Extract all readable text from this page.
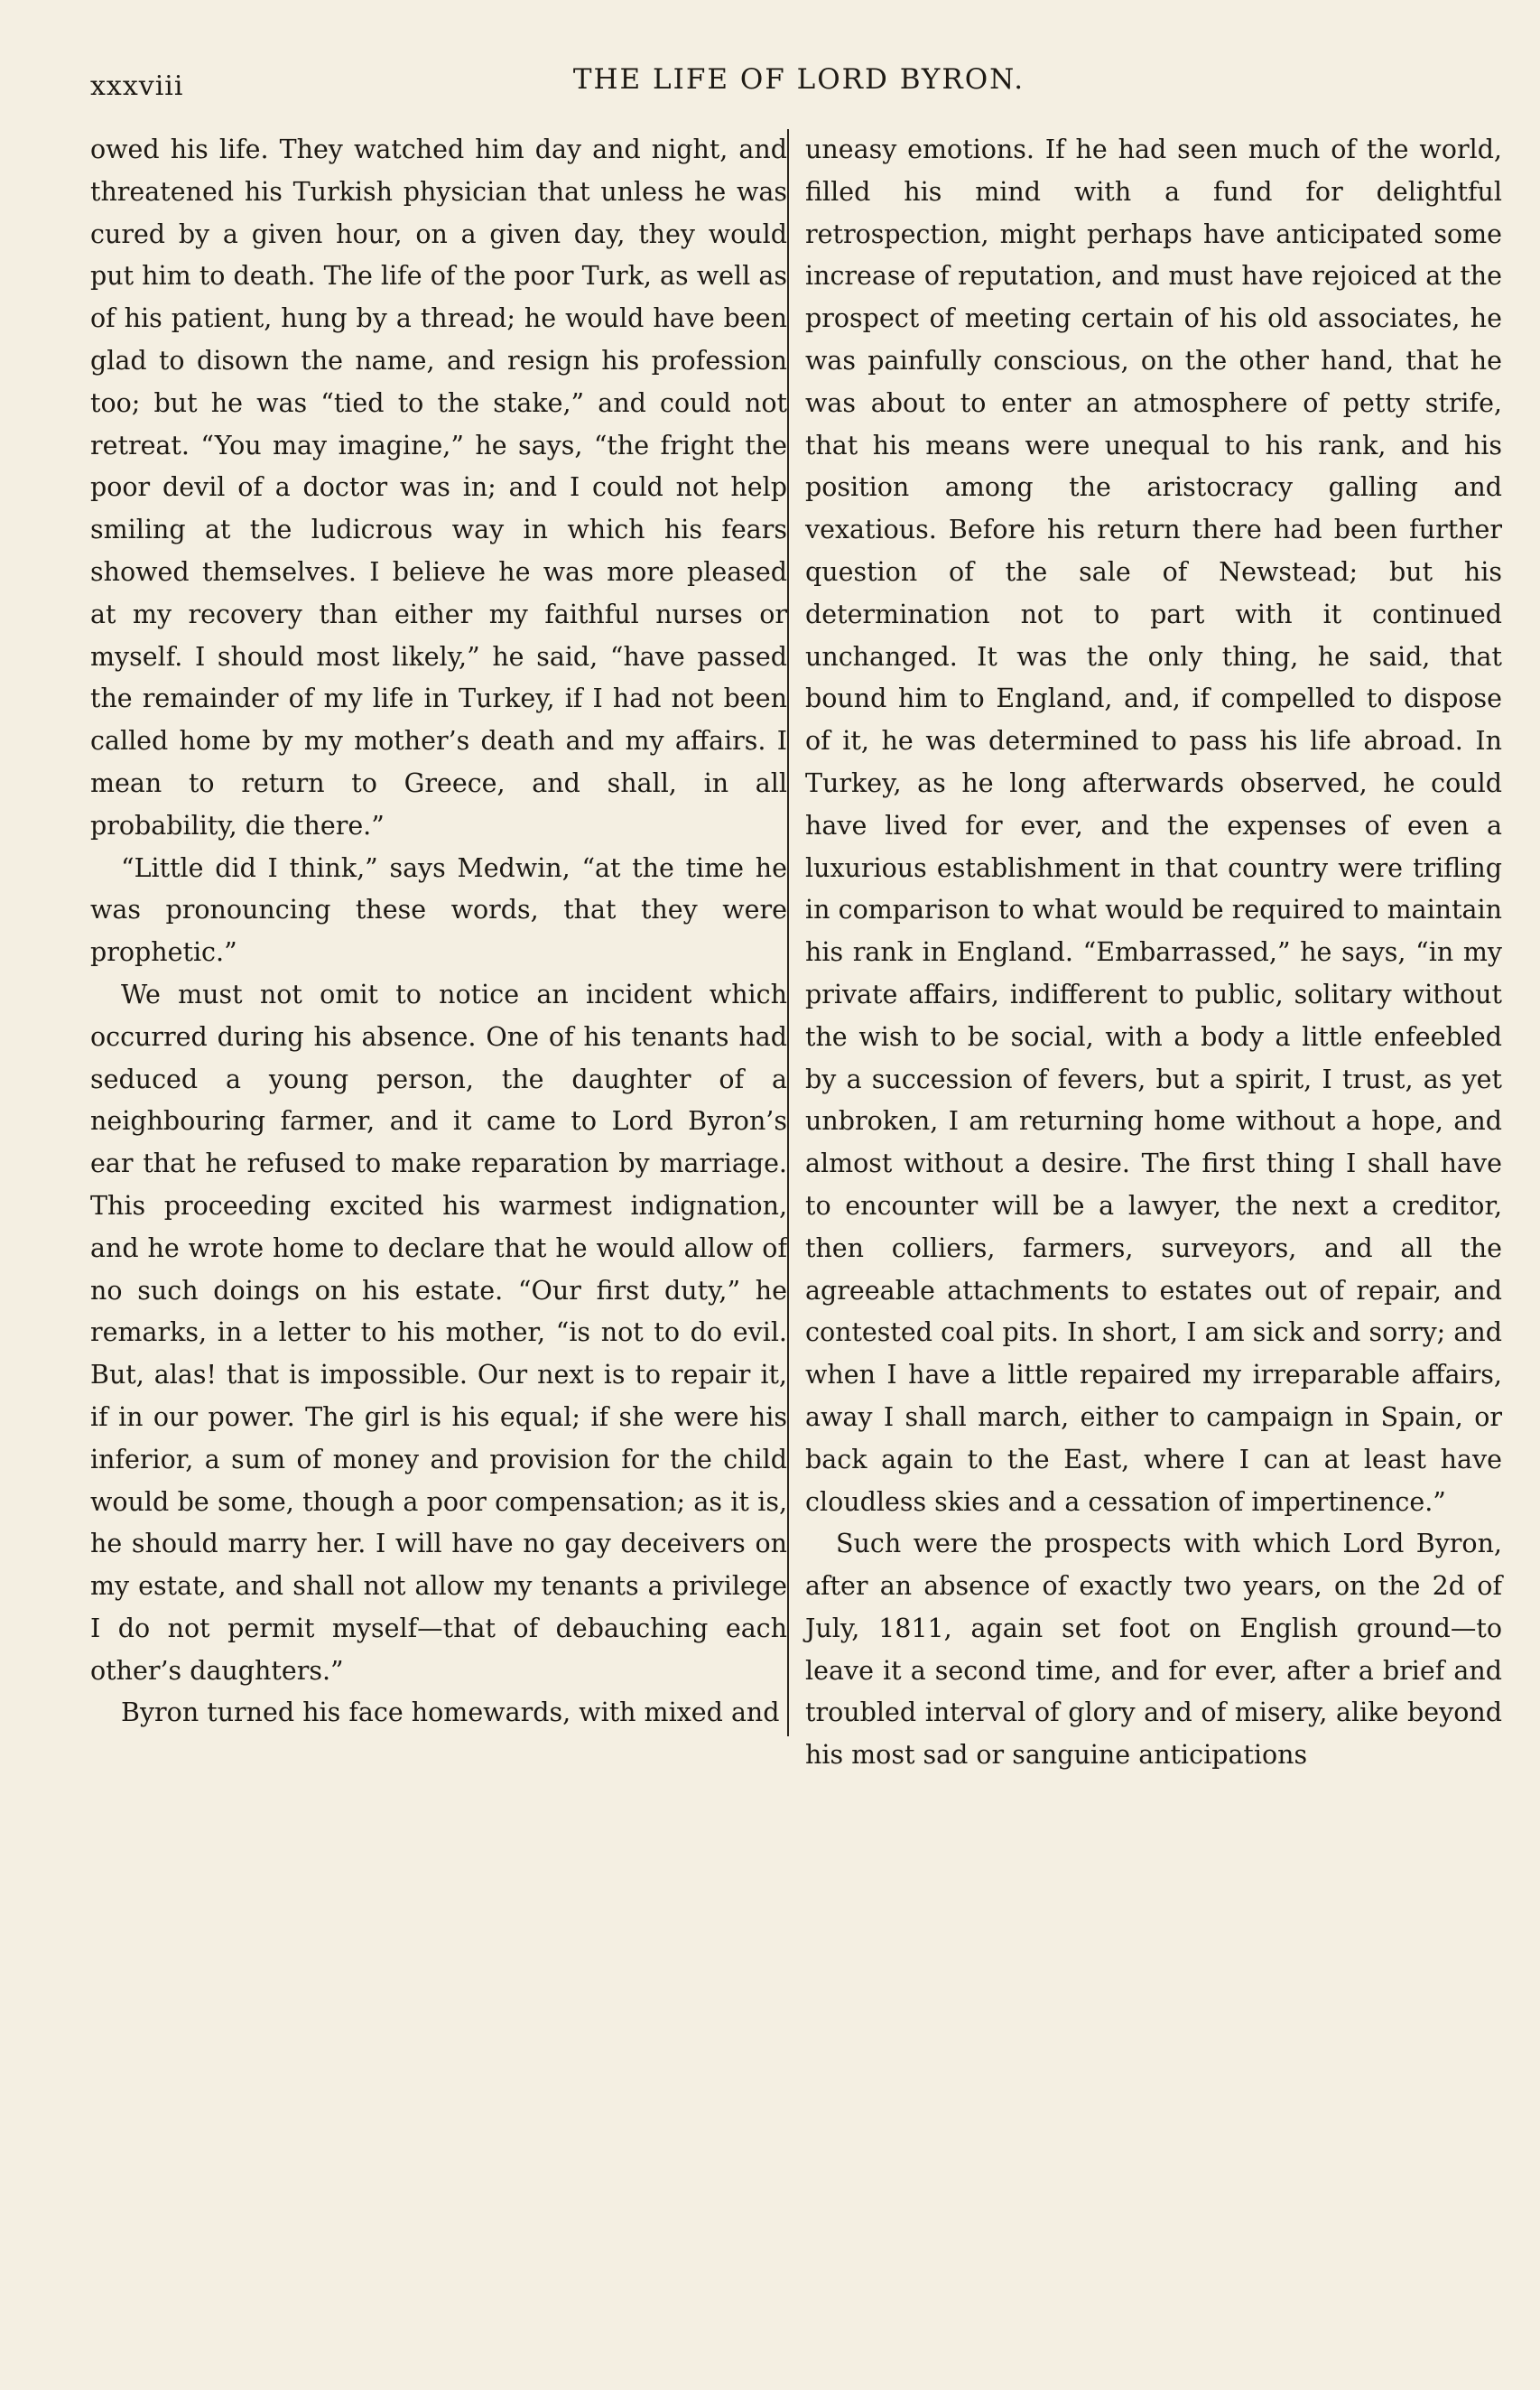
xxxviii	THE LIFE OF LORD BYRON.

owed his life. They watched him day and night, and threatened his Turkish physician that unless he was cured by a given hour, on a given day, they would put him to death. The life of the poor Turk, as well as of his patient, hung by a thread; he would have been glad to disown the name, and resign his profession too; but he was “tied to the stake,” and could not retreat. “You may imagine,” he says, “the fright the poor devil of a doctor was in; and I could not help smiling at the ludicrous way in which his fears showed themselves. I believe he was more pleased at my recovery than either my faithful nurses or myself. I should most likely,” he said, “have passed the remainder of my life in Turkey, if I had not been called home by my mother’s death and my affairs. I mean to return to Greece, and shall, in all probability, die there.”

“Little did I think,” says Medwin, “at the time he was pronouncing these words, that they were prophetic.”

We must not omit to notice an incident which occurred during his absence. One of his tenants had seduced a young person, the daughter of a neighbouring farmer, and it came to Lord Byron’s ear that he refused to make reparation by marriage. This proceeding excited his warmest indignation, and he wrote home to declare that he would allow of no such doings on his estate. “Our first duty,” he remarks, in a letter to his mother, “is not to do evil. But, alas! that is impossible. Our next is to repair it, if in our power. The girl is his equal; if she were his inferior, a sum of money and provision for the child would be some, though a poor compensation; as it is, he should marry her. I will have no gay deceivers on my estate, and shall not allow my tenants a privilege I do not permit myself—that of debauching each other’s daughters.”

Byron turned his face homewards, with mixed and

uneasy emotions. If he had seen much of the world, filled his mind with a fund for delightful retrospection, might perhaps have anticipated some increase of reputation, and must have rejoiced at the prospect of meeting certain of his old associates, he was painfully conscious, on the other hand, that he was about to enter an atmosphere of petty strife, that his means were unequal to his rank, and his position among the aristocracy galling and vexatious. Before his return there had been further question of the sale of Newstead; but his determination not to part with it continued unchanged. It was the only thing, he said, that bound him to England, and, if compelled to dispose of it, he was determined to pass his life abroad. In Turkey, as he long afterwards observed, he could have lived for ever, and the expenses of even a luxurious establishment in that country were trifling in comparison to what would be required to maintain his rank in England. “Embarrassed,” he says, “in my private affairs, indifferent to public, solitary without the wish to be social, with a body a little enfeebled by a succession of fevers, but a spirit, I trust, as yet unbroken, I am returning home without a hope, and almost without a desire. The first thing I shall have to encounter will be a lawyer, the next a creditor, then colliers, farmers, surveyors, and all the agreeable attachments to estates out of repair, and contested coal pits. In short, I am sick and sorry; and when I have a little repaired my irreparable affairs, away I shall march, either to campaign in Spain, or back again to the East, where I can at least have cloudless skies and a cessation of impertinence.”

Such were the prospects with which Lord Byron, after an absence of exactly two years, on the 2d of July, 1811, again set foot on English ground—to leave it a second time, and for ever, after a brief and troubled interval of glory and of misery, alike beyond his most sad or sanguine anticipations
